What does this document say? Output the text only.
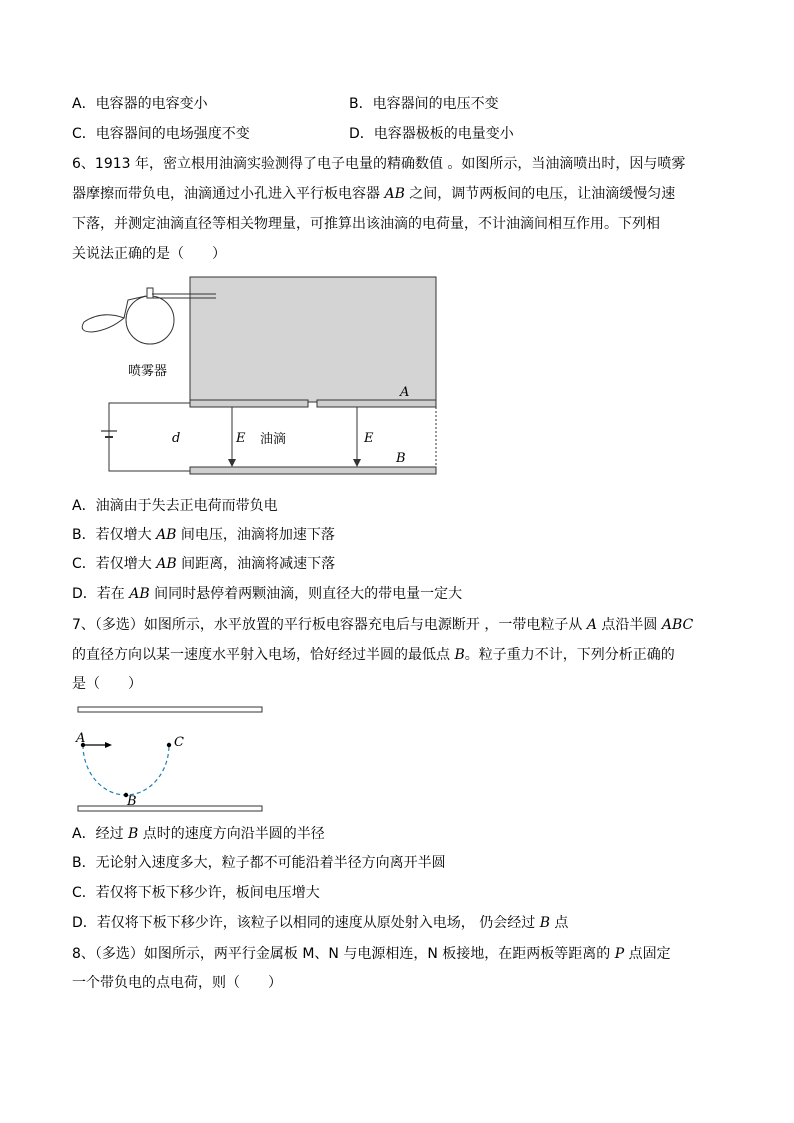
A．电容器的电容变小	B．电容器间的电压不变
C．电容器间的电场强度不变	D．电容器极板的电量变小
6、1913 年，密立根用油滴实验测得了电子电量的精确数值 。如图所示，当油滴喷出时，因与喷雾
器摩擦而带负电，油滴通过小孔进入平行板电容器 AB 之间，调节两板间的电压，让油滴缓慢匀速
下落，并测定油滴直径等相关物理量，可推算出该油滴的电荷量，不计油滴间相互作用。下列相
关说法正确的是（　　）
喷雾器
A
B
d	E 油滴	E
A．油滴由于失去正电荷而带负电
B．若仅增大 AB 间电压，油滴将加速下落
C．若仅增大 AB 间距离，油滴将减速下落
D．若在 AB 间同时悬停着两颗油滴，则直径大的带电量一定大
7、（多选）如图所示，水平放置的平行板电容器充电后与电源断开 ，一带电粒子从 A 点沿半圆 ABC
的直径方向以某一速度水平射入电场，恰好经过半圆的最低点 B。粒子重力不计，下列分析正确的
是（　　）
A	C
B
A．经过 B 点时的速度方向沿半圆的半径
B．无论射入速度多大，粒子都不可能沿着半径方向离开半圆
C．若仅将下板下移少许，板间电压增大
D．若仅将下板下移少许，该粒子以相同的速度从原处射入电场， 仍会经过 B 点
8、（多选）如图所示，两平行金属板 M、N 与电源相连，N 板接地，在距两板等距离的 P 点固定
一个带负电的点电荷，则（　　）
